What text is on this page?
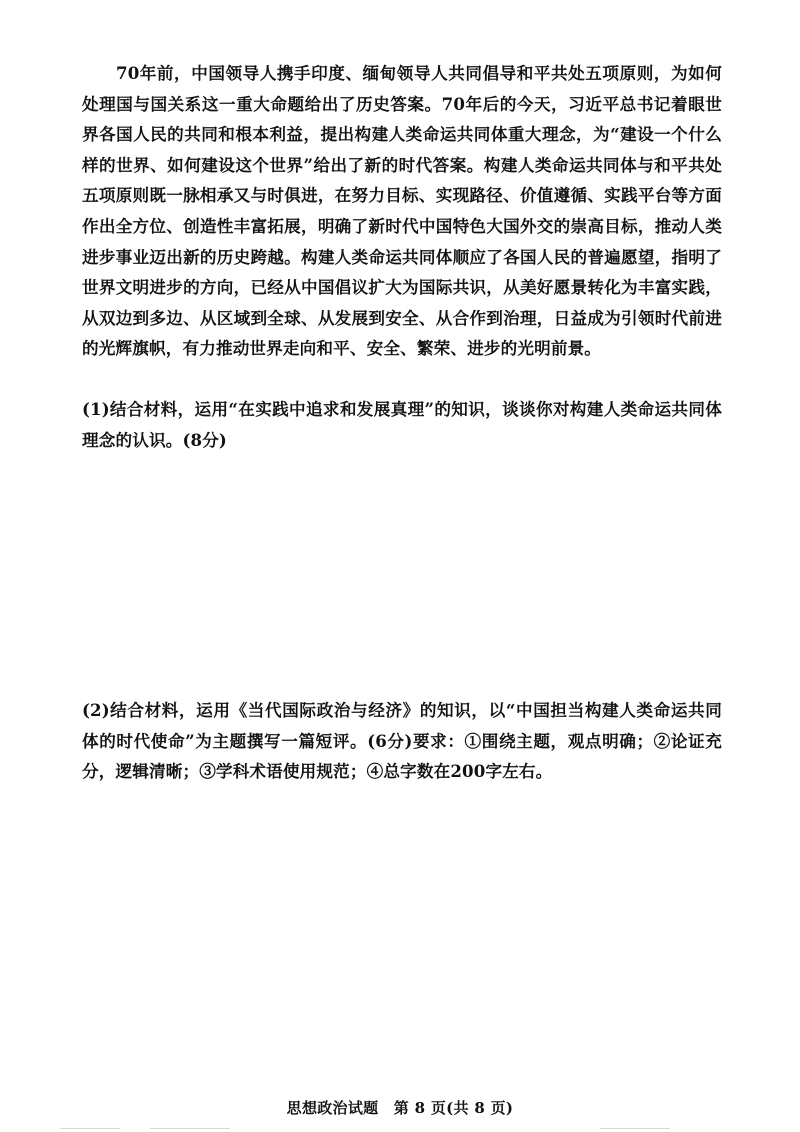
70年前，中国领导人携手印度、缅甸领导人共同倡导和平共处五项原则，为如何处理国与国关系这一重大命题给出了历史答案。70年后的今天，习近平总书记着眼世界各国人民的共同和根本利益，提出构建人类命运共同体重大理念，为“建设一个什么样的世界、如何建设这个世界”给出了新的时代答案。构建人类命运共同体与和平共处五项原则既一脉相承又与时俱进，在努力目标、实现路径、价值遵循、实践平台等方面作出全方位、创造性丰富拓展，明确了新时代中国特色大国外交的崇高目标，推动人类进步事业迈出新的历史跨越。构建人类命运共同体顺应了各国人民的普遍愿望，指明了世界文明进步的方向，已经从中国倡议扩大为国际共识，从美好愿景转化为丰富实践，从双边到多边、从区域到全球、从发展到安全、从合作到治理，日益成为引领时代前进的光辉旗帜，有力推动世界走向和平、安全、繁荣、进步的光明前景。

(1)结合材料，运用“在实践中追求和发展真理”的知识，谈谈你对构建人类命运共同体理念的认识。(8分)

(2)结合材料，运用《当代国际政治与经济》的知识，以“中国担当构建人类命运共同体的时代使命”为主题撰写一篇短评。(6分)要求：①围绕主题，观点明确；②论证充分，逻辑清晰；③学科术语使用规范；④总字数在200字左右。

思想政治试题　第 8 页(共 8 页)
